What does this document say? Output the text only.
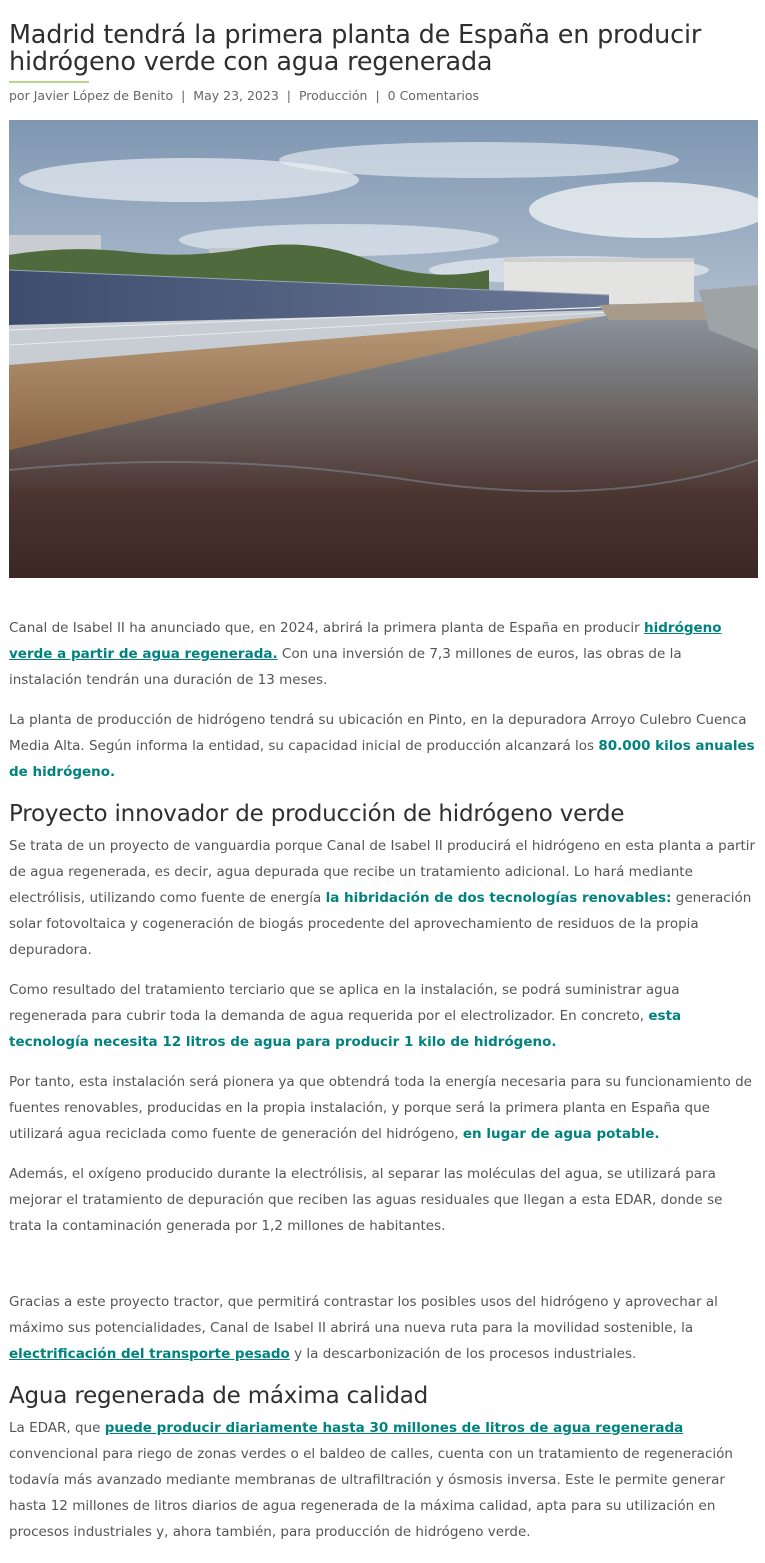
Madrid tendrá la primera planta de España en producir hidrógeno verde con agua regenerada
por Javier López de Benito | May 23, 2023 | Producción | 0 Comentarios

Canal de Isabel II ha anunciado que, en 2024, abrirá la primera planta de España en producir hidrógeno verde a partir de agua regenerada. Con una inversión de 7,3 millones de euros, las obras de la instalación tendrán una duración de 13 meses.

La planta de producción de hidrógeno tendrá su ubicación en Pinto, en la depuradora Arroyo Culebro Cuenca Media Alta. Según informa la entidad, su capacidad inicial de producción alcanzará los 80.000 kilos anuales de hidrógeno.

Proyecto innovador de producción de hidrógeno verde

Se trata de un proyecto de vanguardia porque Canal de Isabel II producirá el hidrógeno en esta planta a partir de agua regenerada, es decir, agua depurada que recibe un tratamiento adicional. Lo hará mediante electrólisis, utilizando como fuente de energía la hibridación de dos tecnologías renovables: generación solar fotovoltaica y cogeneración de biogás procedente del aprovechamiento de residuos de la propia depuradora.

Como resultado del tratamiento terciario que se aplica en la instalación, se podrá suministrar agua regenerada para cubrir toda la demanda de agua requerida por el electrolizador. En concreto, esta tecnología necesita 12 litros de agua para producir 1 kilo de hidrógeno.

Por tanto, esta instalación será pionera ya que obtendrá toda la energía necesaria para su funcionamiento de fuentes renovables, producidas en la propia instalación, y porque será la primera planta en España que utilizará agua reciclada como fuente de generación del hidrógeno, en lugar de agua potable.

Además, el oxígeno producido durante la electrólisis, al separar las moléculas del agua, se utilizará para mejorar el tratamiento de depuración que reciben las aguas residuales que llegan a esta EDAR, donde se trata la contaminación generada por 1,2 millones de habitantes.

Gracias a este proyecto tractor, que permitirá contrastar los posibles usos del hidrógeno y aprovechar al máximo sus potencialidades, Canal de Isabel II abrirá una nueva ruta para la movilidad sostenible, la electrificación del transporte pesado y la descarbonización de los procesos industriales.

Agua regenerada de máxima calidad

La EDAR, que puede producir diariamente hasta 30 millones de litros de agua regenerada convencional para riego de zonas verdes o el baldeo de calles, cuenta con un tratamiento de regeneración todavía más avanzado mediante membranas de ultrafiltración y ósmosis inversa. Este le permite generar hasta 12 millones de litros diarios de agua regenerada de la máxima calidad, apta para su utilización en procesos industriales y, ahora también, para producción de hidrógeno verde.
